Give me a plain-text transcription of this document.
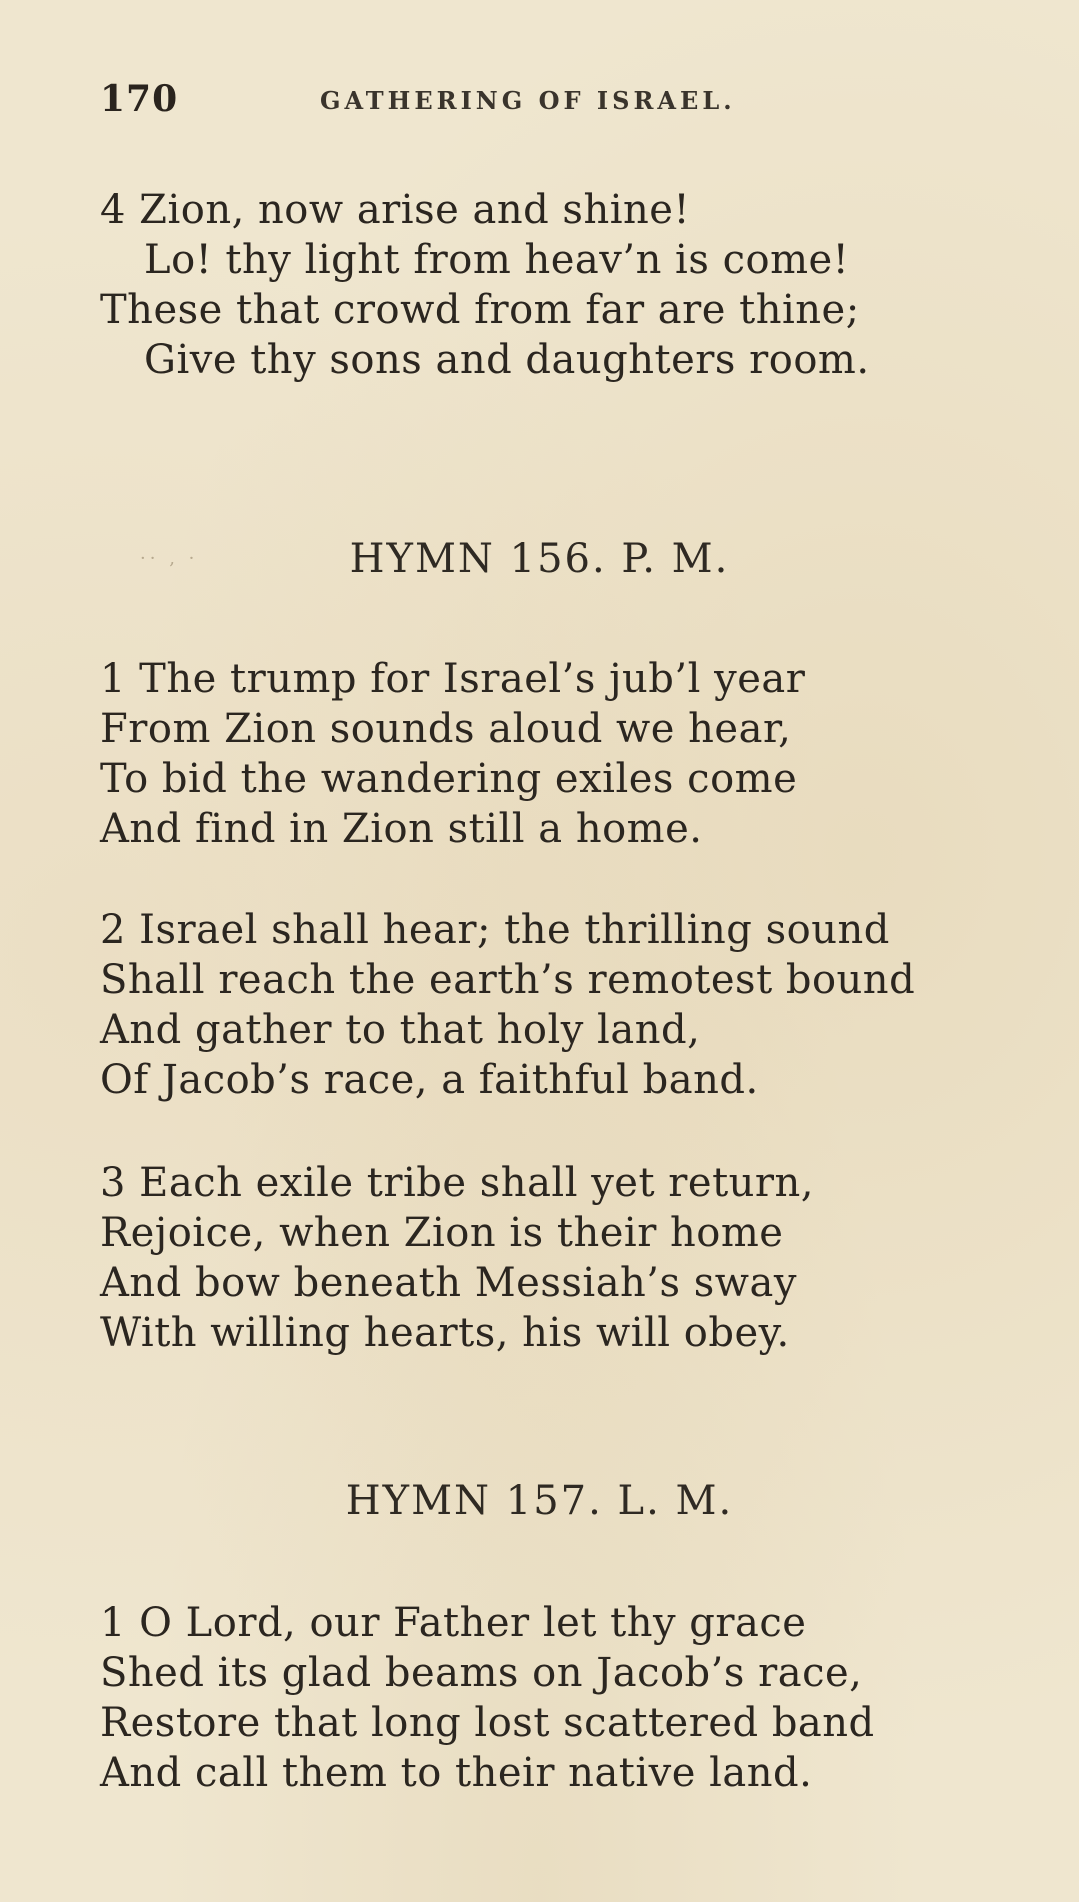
170	GATHERING OF ISRAEL.
4 Zion, now arise and shine!
Lo! thy light from heav’n is come!
These that crowd from far are thine;
Give thy sons and daughters room.
·· ‚ ·	HYMN 156. P. M.
1 The trump for Israel’s jub’l year
From Zion sounds aloud we hear,
To bid the wandering exiles come
And find in Zion still a home.
2 Israel shall hear; the thrilling sound
Shall reach the earth’s remotest bound
And gather to that holy land,
Of Jacob’s race, a faithful band.
3 Each exile tribe shall yet return,
Rejoice, when Zion is their home
And bow beneath Messiah’s sway
With willing hearts, his will obey.
HYMN 157. L. M.
1 O Lord, our Father let thy grace
Shed its glad beams on Jacob’s race,
Restore that long lost scattered band
And call them to their native land.
